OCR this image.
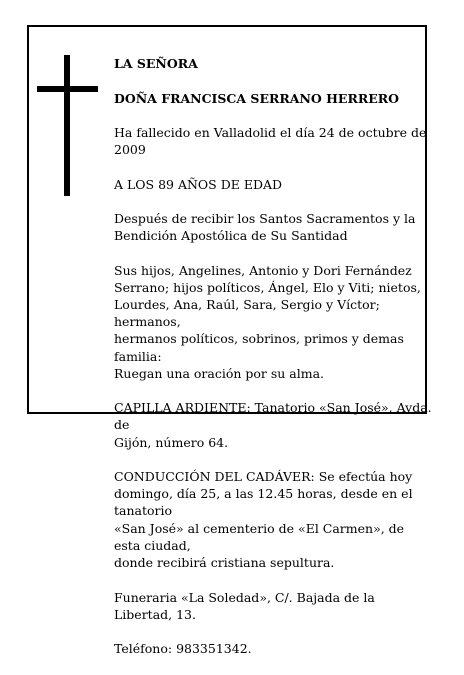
LA SEÑORA

DOÑA FRANCISCA SERRANO HERRERO

Ha fallecido en Valladolid el día 24 de octubre de 2009

A LOS 89 AÑOS DE EDAD

Después de recibir los Santos Sacramentos y la
Bendición Apostólica de Su Santidad

Sus hijos, Angelines, Antonio y Dori Fernández
Serrano; hijos políticos, Ángel, Elo y Viti; nietos,
Lourdes, Ana, Raúl, Sara, Sergio y Víctor; hermanos,
hermanos políticos, sobrinos, primos y demas familia:
Ruegan una oración por su alma.

CAPILLA ARDIENTE: Tanatorio «San José», Avda. de
Gijón, número 64.

CONDUCCIÓN DEL CADÁVER: Se efectúa hoy
domingo, día 25, a las 12.45 horas, desde en el tanatorio
«San José» al cementerio de «El Carmen», de esta ciudad,
donde recibirá cristiana sepultura.

Funeraria «La Soledad», C/. Bajada de la Libertad, 13.

Teléfono: 983351342.
